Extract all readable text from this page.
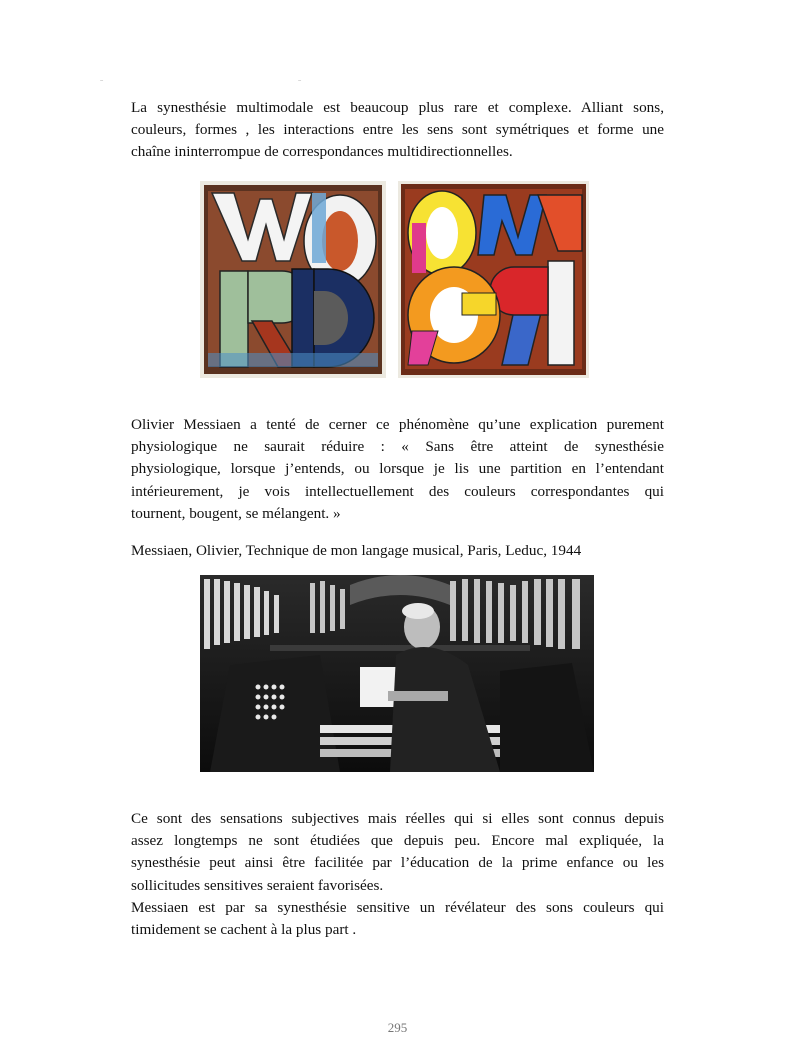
La synesthésie multimodale est beaucoup plus rare et complexe. Alliant sons,
couleurs, formes , les interactions entre les sens sont symétriques et forme une
chaîne ininterrompue de correspondances multidirectionnelles.
WORD	WORD
Olivier Messiaen a tenté de cerner ce phénomène qu’une explication purement
physiologique ne saurait réduire : « Sans être atteint de synesthésie
physiologique, lorsque j’entends, ou lorsque je lis une partition en l’entendant
intérieurement, je vois intellectuellement des couleurs correspondantes qui
tournent, bougent, se mélangent. »
Messiaen, Olivier, Technique de mon langage musical, Paris, Leduc, 1944
Ce sont des sensations subjectives mais réelles qui si elles sont connus depuis
assez longtemps ne sont étudiées que depuis peu. Encore mal expliquée, la
synesthésie peut ainsi être facilitée par l’éducation de la prime enfance ou les
sollicitudes sensitives seraient favorisées.
Messiaen est par sa synesthésie sensitive un révélateur des sons couleurs qui
timidement se cachent à la plus part .
295
